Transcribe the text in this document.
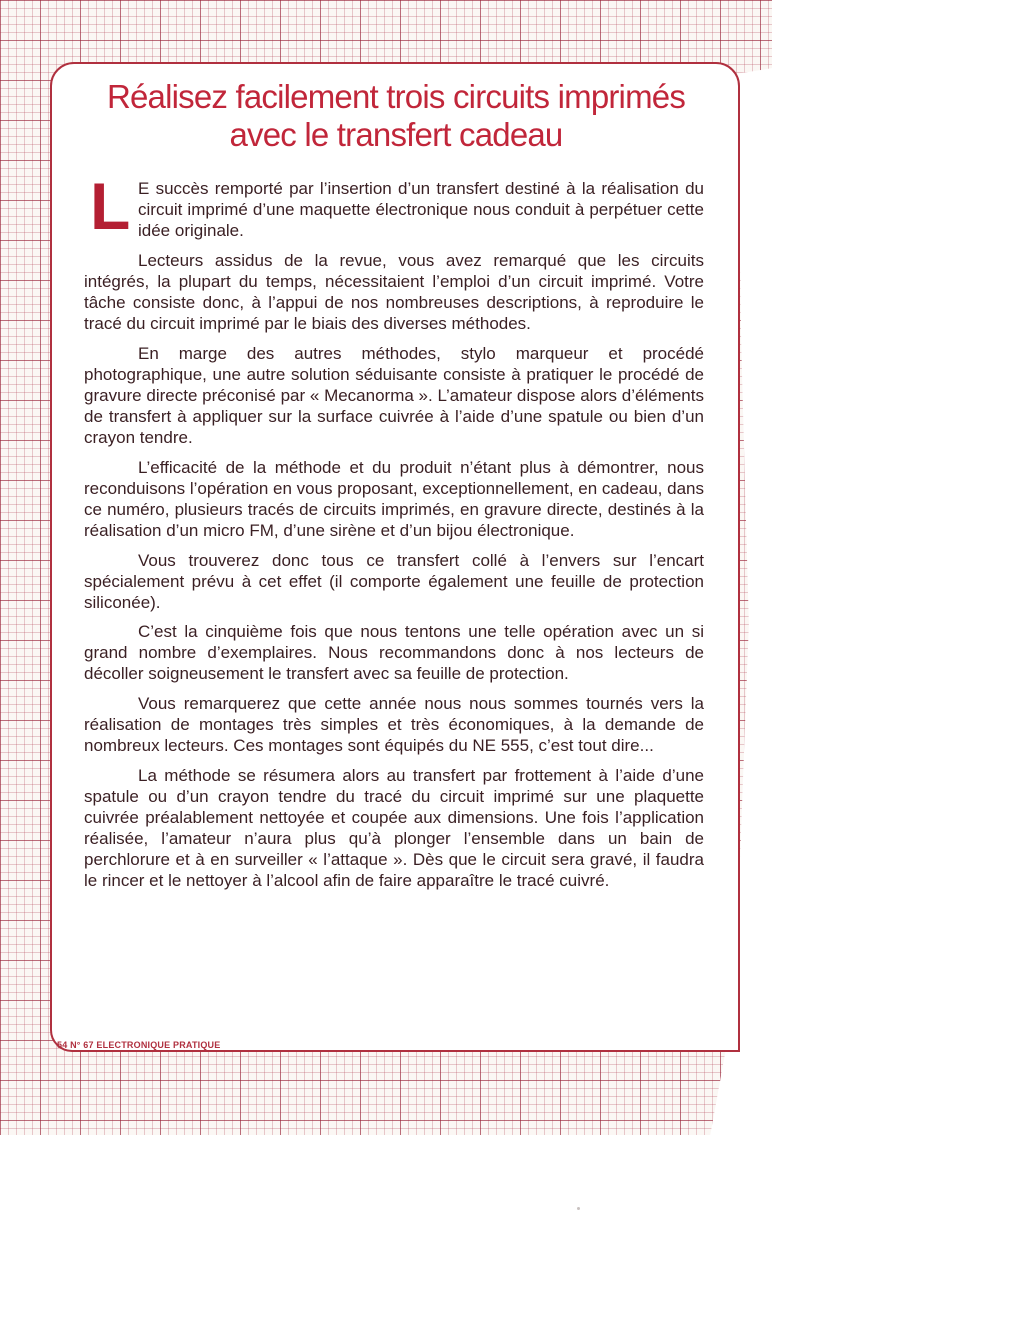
Réalisez facilement trois circuits imprimés
avec le transfert cadeau
L E succès remporté par l’insertion d’un transfert destiné à la réalisation du circuit imprimé d’une maquette électronique nous conduit à perpétuer cette idée originale.

Lecteurs assidus de la revue, vous avez remarqué que les circuits intégrés, la plupart du temps, nécessitaient l’emploi d’un circuit imprimé. Votre tâche consiste donc, à l’appui de nos nombreuses descriptions, à reproduire le tracé du circuit imprimé par le biais des diverses méthodes.

En marge des autres méthodes, stylo marqueur et procédé photographique, une autre solution séduisante consiste à pratiquer le procédé de gravure directe préconisé par « Mecanorma ». L’amateur dispose alors d’éléments de transfert à appliquer sur la surface cuivrée à l’aide d’une spatule ou bien d’un crayon tendre.

L’efficacité de la méthode et du produit n’étant plus à démontrer, nous reconduisons l’opération en vous proposant, exceptionnellement, en cadeau, dans ce numéro, plusieurs tracés de circuits imprimés, en gravure directe, destinés à la réalisation d’un micro FM, d’une sirène et d’un bijou électronique.

Vous trouverez donc tous ce transfert collé à l’envers sur l’encart spécialement prévu à cet effet (il comporte également une feuille de protection siliconée).

C’est la cinquième fois que nous tentons une telle opération avec un si grand nombre d’exemplaires. Nous recommandons donc à nos lecteurs de décoller soigneusement le transfert avec sa feuille de protection.

Vous remarquerez que cette année nous nous sommes tournés vers la réalisation de montages très simples et très économiques, à la demande de nombreux lecteurs. Ces montages sont équipés du NE 555, c’est tout dire...

La méthode se résumera alors au transfert par frottement à l’aide d’une spatule ou d’un crayon tendre du tracé du circuit imprimé sur une plaquette cuivrée préalablement nettoyée et coupée aux dimensions. Une fois l’application réalisée, l’amateur n’aura plus qu’à plonger l’ensemble dans un bain de perchlorure et à en surveiller « l’attaque ». Dès que le circuit sera gravé, il faudra le rincer et le nettoyer à l’alcool afin de faire apparaître le tracé cuivré.

54 N° 67 ELECTRONIQUE PRATIQUE
